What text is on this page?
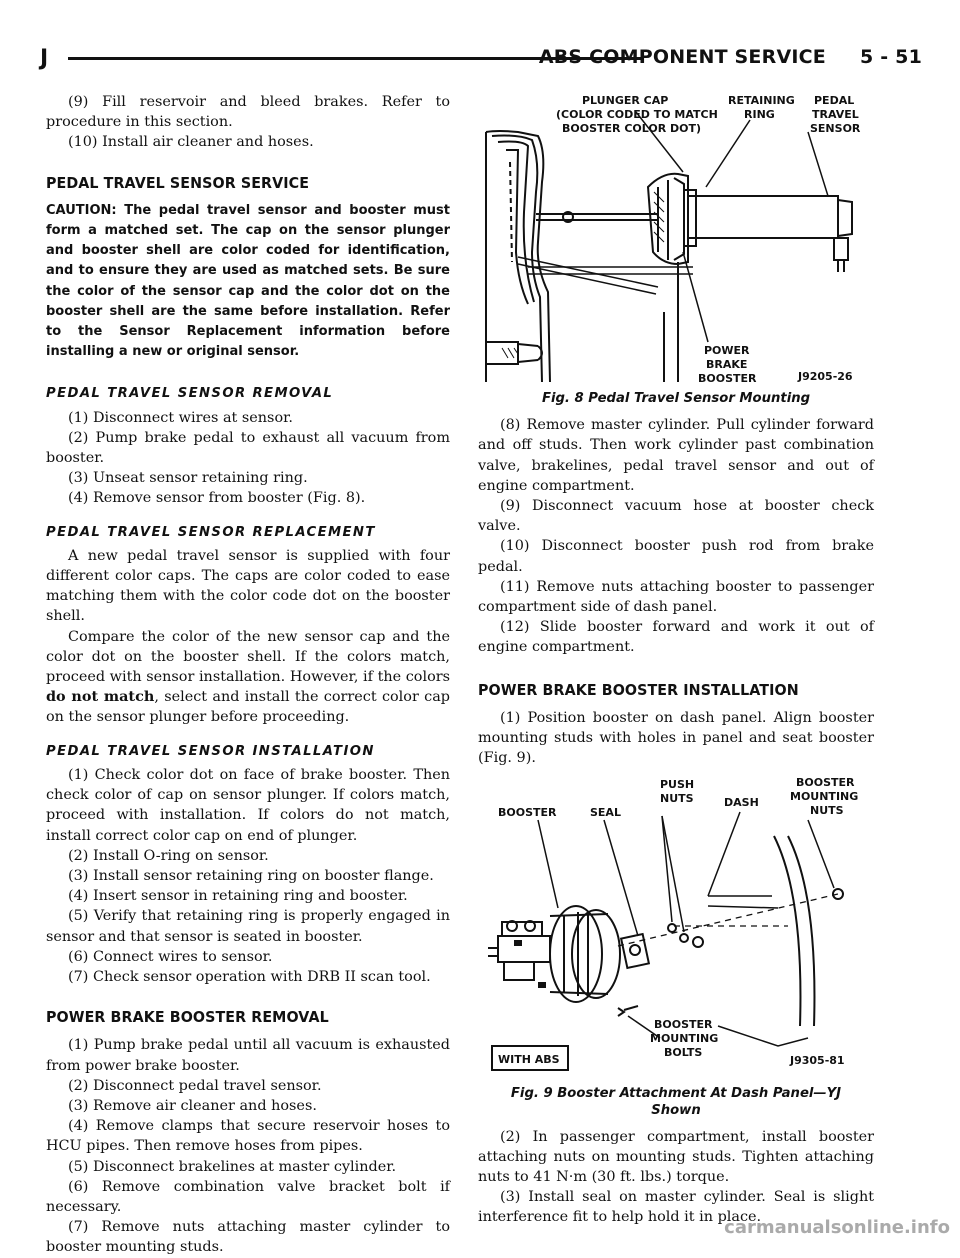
J	ABS COMPONENT SERVICE     5 - 51

(9) Fill reservoir and bleed brakes. Refer to procedure in this section.

(10) Install air cleaner and hoses.

PEDAL TRAVEL SENSOR SERVICE

CAUTION: The pedal travel sensor and booster must form a matched set. The cap on the sensor plunger and booster shell are color coded for identification, and to ensure they are used as matched sets. Be sure the color of the sensor cap and the color dot on the booster shell are the same before installation. Refer to the Sensor Replacement information before installing a new or original sensor.

PEDAL TRAVEL SENSOR REMOVAL

(1) Disconnect wires at sensor.

(2) Pump brake pedal to exhaust all vacuum from booster.

(3) Unseat sensor retaining ring.

(4) Remove sensor from booster (Fig. 8).

PEDAL TRAVEL SENSOR REPLACEMENT

A new pedal travel sensor is supplied with four different color caps. The caps are color coded to ease matching them with the color code dot on the booster shell.

Compare the color of the new sensor cap and the color dot on the booster shell. If the colors match, proceed with sensor installation. However, if the colors do not match, select and install the correct color cap on the sensor plunger before proceeding.

PEDAL TRAVEL SENSOR INSTALLATION

(1) Check color dot on face of brake booster. Then check color of cap on sensor plunger. If colors match, proceed with installation. If colors do not match, install correct color cap on end of plunger.

(2) Install O-ring on sensor.

(3) Install sensor retaining ring on booster flange.

(4) Insert sensor in retaining ring and booster.

(5) Verify that retaining ring is properly engaged in sensor and that sensor is seated in booster.

(6) Connect wires to sensor.

(7) Check sensor operation with DRB II scan tool.

POWER BRAKE BOOSTER REMOVAL

(1) Pump brake pedal until all vacuum is exhausted from power brake booster.

(2) Disconnect pedal travel sensor.

(3) Remove air cleaner and hoses.

(4) Remove clamps that secure reservoir hoses to HCU pipes. Then remove hoses from pipes.

(5) Disconnect brakelines at master cylinder.

(6) Remove combination valve bracket bolt if necessary.

(7) Remove nuts attaching master cylinder to booster mounting studs.

PLUNGER CAP
(COLOR CODED TO MATCH
BOOSTER COLOR DOT)
RETAINING
RING
PEDAL
TRAVEL
SENSOR
POWER
BRAKE
BOOSTER	J9205-26
Fig. 8 Pedal Travel Sensor Mounting

(8) Remove master cylinder. Pull cylinder forward and off studs. Then work cylinder past combination valve, brakelines, pedal travel sensor and out of engine compartment.

(9) Disconnect vacuum hose at booster check valve.

(10) Disconnect booster push rod from brake pedal.

(11) Remove nuts attaching booster to passenger compartment side of dash panel.

(12) Slide booster forward and work it out of engine compartment.

POWER BRAKE BOOSTER INSTALLATION

(1) Position booster on dash panel. Align booster mounting studs with holes in panel and seat booster (Fig. 9).

BOOSTER	SEAL
PUSH
NUTS	DASH
BOOSTER
MOUNTING
NUTS
BOOSTER
MOUNTING
BOLTS
WITH ABS	J9305-81
Fig. 9 Booster Attachment At Dash Panel—YJ
Shown

(2) In passenger compartment, install booster attaching nuts on mounting studs. Tighten attaching nuts to 41 N·m (30 ft. lbs.) torque.

(3) Install seal on master cylinder. Seal is slight interference fit to help hold it in place.

carmanualsonline.info
